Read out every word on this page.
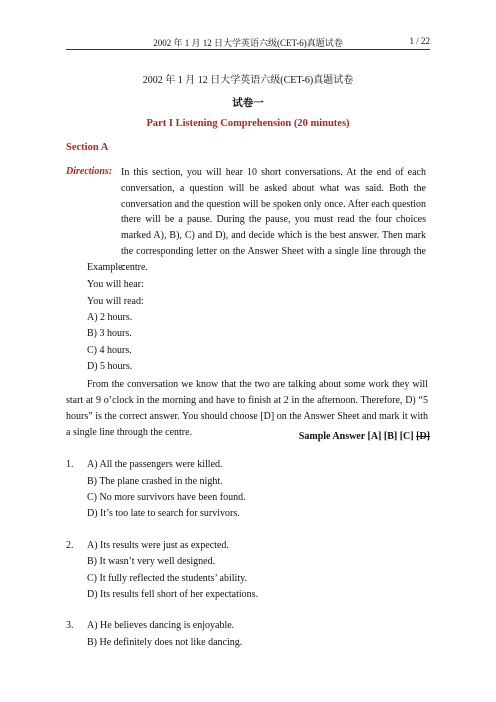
2002 年 1 月 12 日大学英语六级(CET-6)真题试卷	1 / 22
2002 年 1 月 12 日大学英语六级(CET-6)真题试卷
试卷一
Part I Listening Comprehension (20 minutes)
Section A
Directions: In this section, you will hear 10 short conversations. At the end of each conversation, a question will be asked about what was said. Both the conversation and the question will be spoken only once. After each question there will be a pause. During the pause, you must read the four choices marked A), B), C) and D), and decide which is the best answer. Then mark the corresponding letter on the Answer Sheet with a single line through the centre.
Example:
You will hear:
You will read:
A) 2 hours.
B) 3 hours.
C) 4 hours.
D) 5 hours.
From the conversation we know that the two are talking about some work they will start at 9 o’clock in the morning and have to finish at 2 in the afternoon. Therefore, D) “5 hours” is the correct answer. You should choose [D] on the Answer Sheet and mark it with a single line through the centre.	Sample Answer [A] [B] [C] [D]
1. A) All the passengers were killed.
B) The plane crashed in the night.
C) No more survivors have been found.
D) It’s too late to search for survivors.
2. A) Its results were just as expected.
B) It wasn’t very well designed.
C) It fully reflected the students’ ability.
D) Its results fell short of her expectations.
3. A) He believes dancing is enjoyable.
B) He definitely does not like dancing.
